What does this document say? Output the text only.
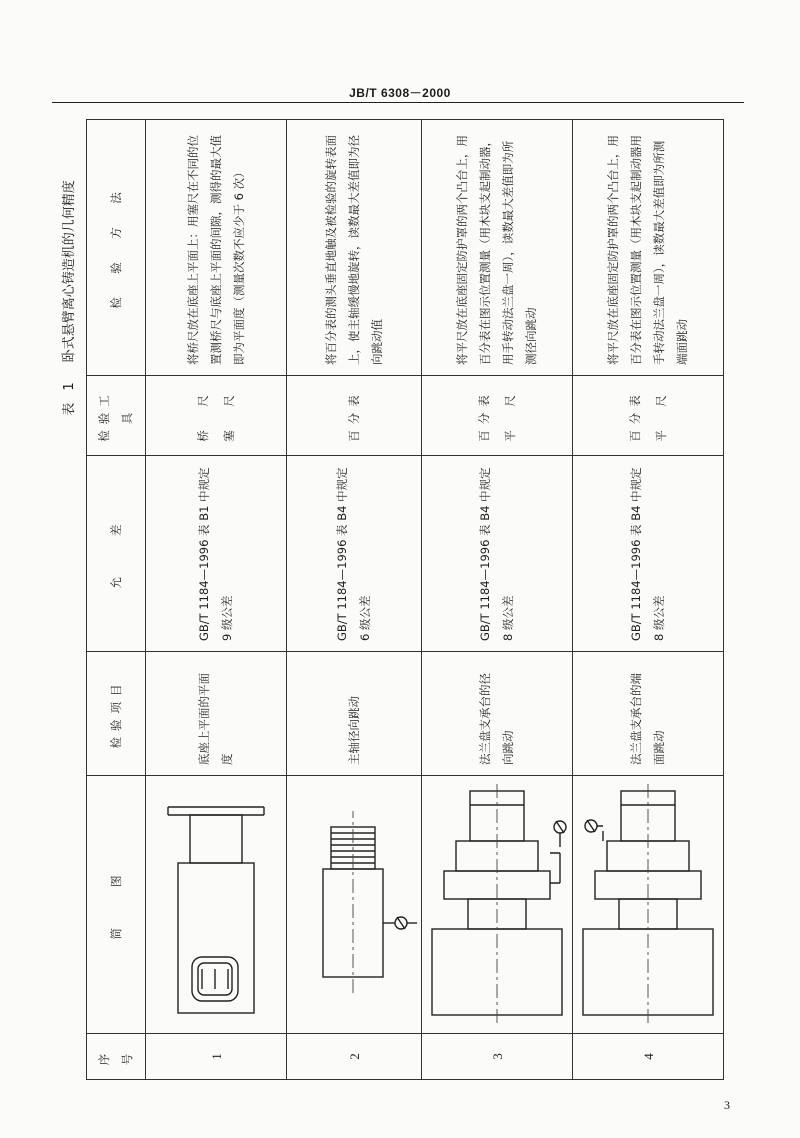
JB/T 6308－2000
表 1卧式悬臂离心铸造机的几何精度
序号	简　　图	检验项目	允　　差	检验工具	检　验　方　法
1		底座上平面的平面度	GB/T 1184—1996 表 B1 中规定 9 级公差	桥　尺 塞　尺	将桥尺放在底座上平面上：用塞尺在不同的位置测桥尺与底座上平面的间隙，测得的最大值即为平面度（测量次数不应少于 6 次）
2		主轴径向跳动	GB/T 1184—1996 表 B4 中规定 6 级公差	百分表	将百分表的测头垂直地触及被检验的旋转表面上，使主轴缓慢地旋转，读数最大差值即为径向跳动值
3		法兰盘支承台的径向跳动	GB/T 1184—1996 表 B4 中规定 8 级公差	百分表 平　尺	将平尺放在底座固定防护罩的两个凸台上，用百分表在图示位置测量（用木块支起制动器，用手转动法兰盘一周），读数最大差值即为所测径向跳动
4		法兰盘支承台的端面跳动	GB/T 1184—1996 表 B4 中规定 8 级公差	百分表 平　尺	将平尺放在底座固定防护罩的两个凸台上，用百分表在图示位置测量（用木块支起制动器用手转动法兰盘一周），读数最大差值即为所测端面跳动
3
